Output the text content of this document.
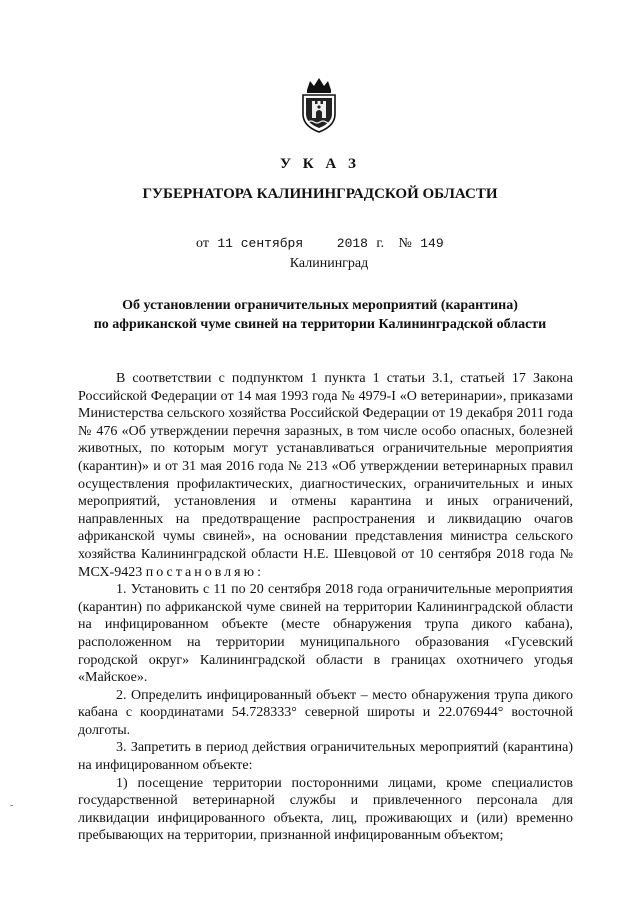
У К А З
ГУБЕРНАТОРА КАЛИНИНГРАДСКОЙ ОБЛАСТИ
от 11 сентября	2018 г. № 149
Калининград
Об установлении ограничительных мероприятий (карантина)
по африканской чуме свиней на территории Калининградской области

В соответствии с подпунктом 1 пункта 1 статьи 3.1, статьей 17 Закона Российской Федерации от 14 мая 1993 года № 4979-I «О ветеринарии», приказами Министерства сельского хозяйства Российской Федерации от 19 декабря 2011 года № 476 «Об утверждении перечня заразных, в том числе особо опасных, болезней животных, по которым могут устанавливаться ограничительные мероприятия (карантин)» и от 31 мая 2016 года № 213 «Об утверждении ветеринарных правил осуществления профилактических, диагностических, ограничительных и иных мероприятий, установления и отмены карантина и иных ограничений, направленных на предотвращение распространения и ликвидацию очагов африканской чумы свиней», на основании представления министра сельского хозяйства Калининградской области Н.Е. Шевцовой от 10 сентября 2018 года № МСХ-9423 постановляю:

1. Установить с 11 по 20 сентября 2018 года ограничительные мероприятия (карантин) по африканской чуме свиней на территории Калининградской области на инфицированном объекте (месте обнаружения трупа дикого кабана), расположенном на территории муниципального образования «Гусевский городской округ» Калининградской области в границах охотничего угодья «Майское».

2. Определить инфицированный объект – место обнаружения трупа дикого кабана с координатами 54.728333° северной широты и 22.076944° восточной долготы.

3. Запретить в период действия ограничительных мероприятий (карантина) на инфицированном объекте:

1) посещение территории посторонними лицами, кроме специалистов государственной ветеринарной службы и привлеченного персонала для ликвидации инфицированного объекта, лиц, проживающих и (или) временно пребывающих на территории, признанной инфицированным объектом;

-
